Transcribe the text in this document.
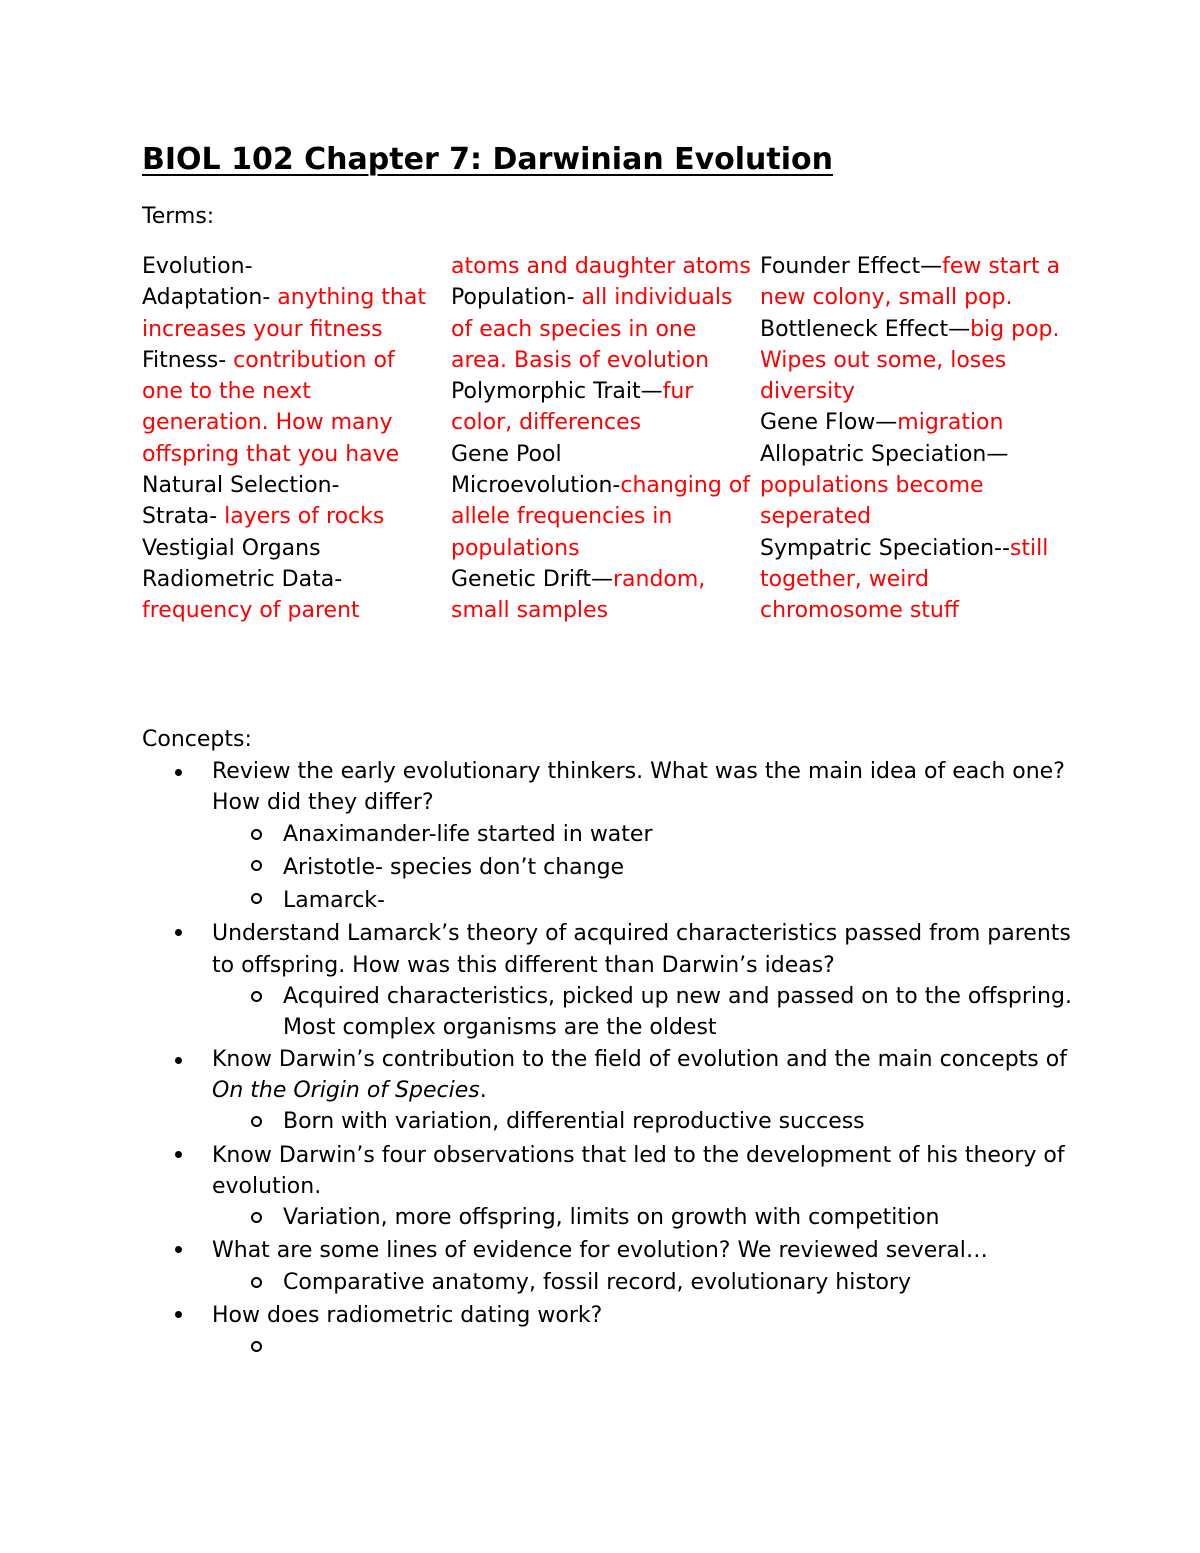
BIOL 102 Chapter 7: Darwinian Evolution
Terms:

Evolution-

Adaptation- anything that increases your fitness

Fitness- contribution of one to the next generation. How many offspring that you have

Natural Selection-

Strata- layers of rocks

Vestigial Organs

Radiometric Data-frequency of parent

atoms and daughter atoms

Population- all individuals of each species in one area. Basis of evolution

Polymorphic Trait—fur color, differences

Gene Pool

Microevolution-changing of allele frequencies in populations

Genetic Drift—random, small samples

Founder Effect—few start a new colony, small pop.

Bottleneck Effect—big pop. Wipes out some, loses diversity

Gene Flow—migration

Allopatric Speciation—populations become seperated

Sympatric Speciation--still together, weird chromosome stuff

Concepts:
Review the early evolutionary thinkers. What was the main idea of each one? How did they differ?
Anaximander-life started in water
Aristotle- species don’t change
Lamarck-
Understand Lamarck’s theory of acquired characteristics passed from parents to offspring. How was this different than Darwin’s ideas?
Acquired characteristics, picked up new and passed on to the offspring. Most complex organisms are the oldest
Know Darwin’s contribution to the field of evolution and the main concepts of On the Origin of Species.
Born with variation, differential reproductive success
Know Darwin’s four observations that led to the development of his theory of evolution.
Variation, more offspring, limits on growth with competition
What are some lines of evidence for evolution? We reviewed several…
Comparative anatomy, fossil record, evolutionary history
How does radiometric dating work?
